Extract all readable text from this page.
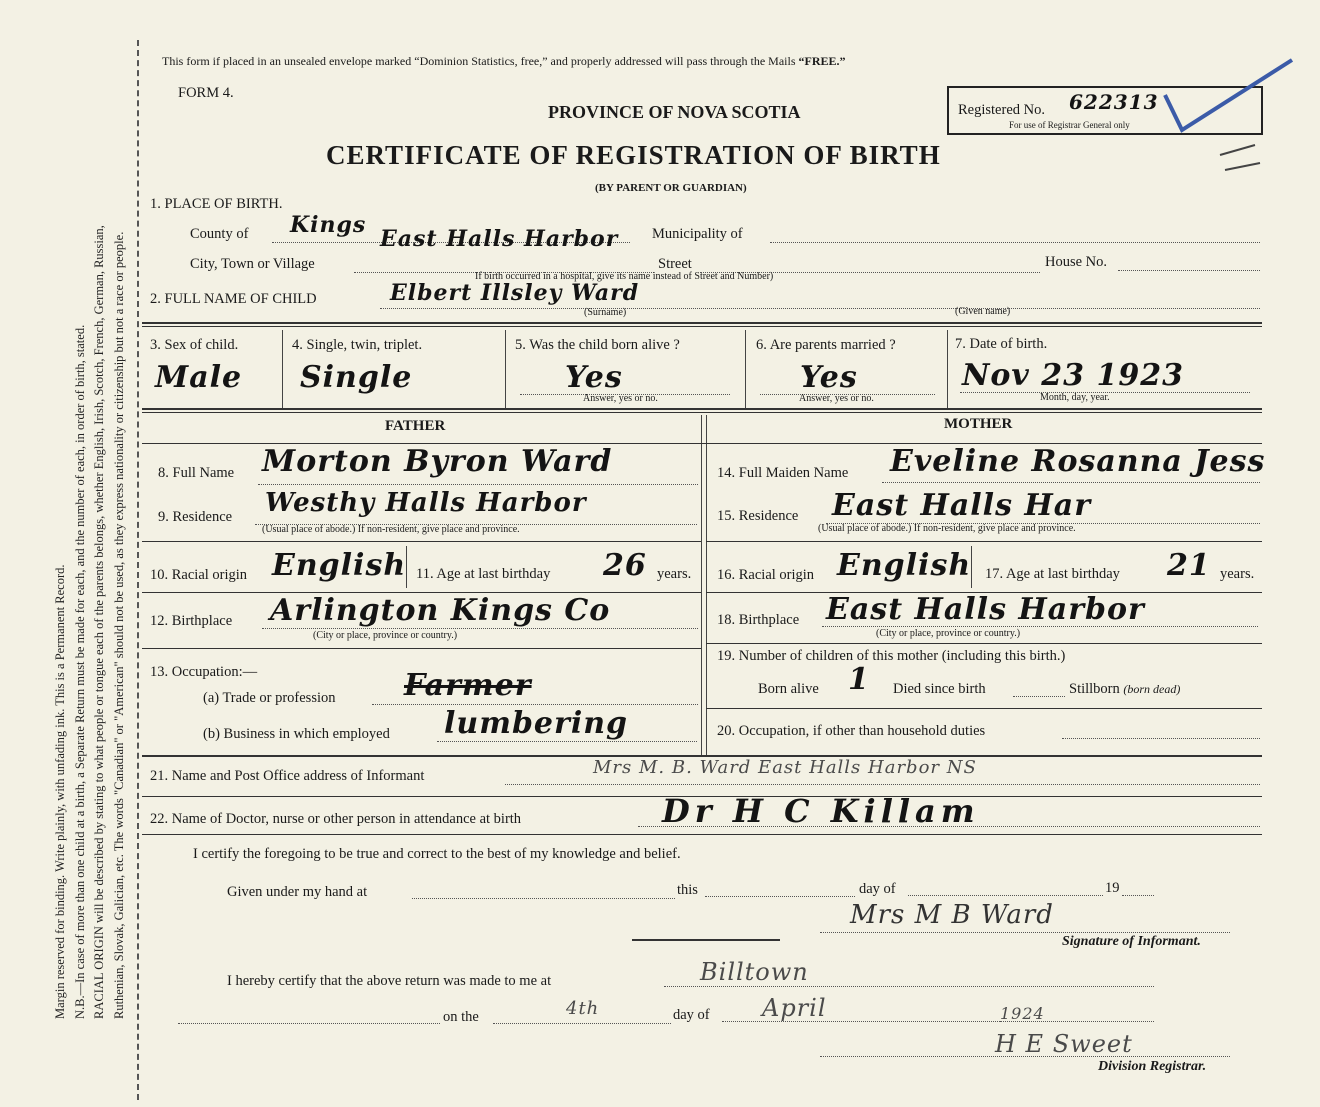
Margin reserved for binding. Write plainly, with unfading ink. This is a Permanent Record. N.B.—In case of more than one child at a birth, a Separate Return must be made for each, and the number of each, in order of birth, stated. RACIAL ORIGIN will be described by stating to what people or tongue each of the parents belongs, whether English, Irish, Scotch, French, German, Russian, Ruthenian, Slovak, Galician, etc. The words "Canadian" or "American" should not be used, as they express nationality or citizenship but not a race or people.
This form if placed in an unsealed envelope marked “Dominion Statistics, free,” and properly addressed will pass through the Mails “FREE.”
FORM 4.
PROVINCE OF NOVA SCOTIA	Registered No. 622313
For use of Registrar General only
CERTIFICATE OF REGISTRATION OF BIRTH
(BY PARENT OR GUARDIAN)
1. PLACE OF BIRTH.
County of Kings	Municipality of
City, Town or Village
East Halls Harbor
Street	House No.
If birth occurred in a hospital, give its name instead of Street and Number)
2. FULL NAME OF CHILD	Elbert Illsley Ward
(Surname)	(Given name)
3. Sex of child.
Male
4. Single, twin, triplet.
Single
5. Was the child born alive ?
Yes
Answer, yes or no.
6. Are parents married ?
Yes
Answer, yes or no.
7. Date of birth.
Nov 23 1923
Month, day, year.
FATHER	MOTHER
8. Full Name Morton Byron Ward
9. Residence Westhy Halls Harbor
(Usual place of abode.) If non-resident, give place and province.
10. Racial origin English 11. Age at last birthday 26 years.
12. Birthplace Arlington Kings Co
(City or place, province or country.)
13. Occupation:—
(a) Trade or profession Farmer
(b) Business in which employed lumbering
14. Full Maiden Name Eveline Rosanna Jess
15. Residence East Halls Har
(Usual place of abode.) If non-resident, give place and province.
16. Racial origin English 17. Age at last birthday 21 years.
18. Birthplace East Halls Harbor
(City or place, province or country.)
19. Number of children of this mother (including this birth.)
Born alive 1 Died since birth	Stillborn (born dead)
20. Occupation, if other than household duties
21. Name and Post Office address of Informant	Mrs M. B. Ward East Halls Harbor NS
22. Name of Doctor, nurse or other person in attendance at birth	Dr H C Killam
I certify the foregoing to be true and correct to the best of my knowledge and belief.
Given under my hand at	this	day of	19
Mrs M B Ward
Signature of Informant.
I hereby certify that the above return was made to me at	Billtown
on the	4th	day of April	1924
H E Sweet
Division Registrar.
